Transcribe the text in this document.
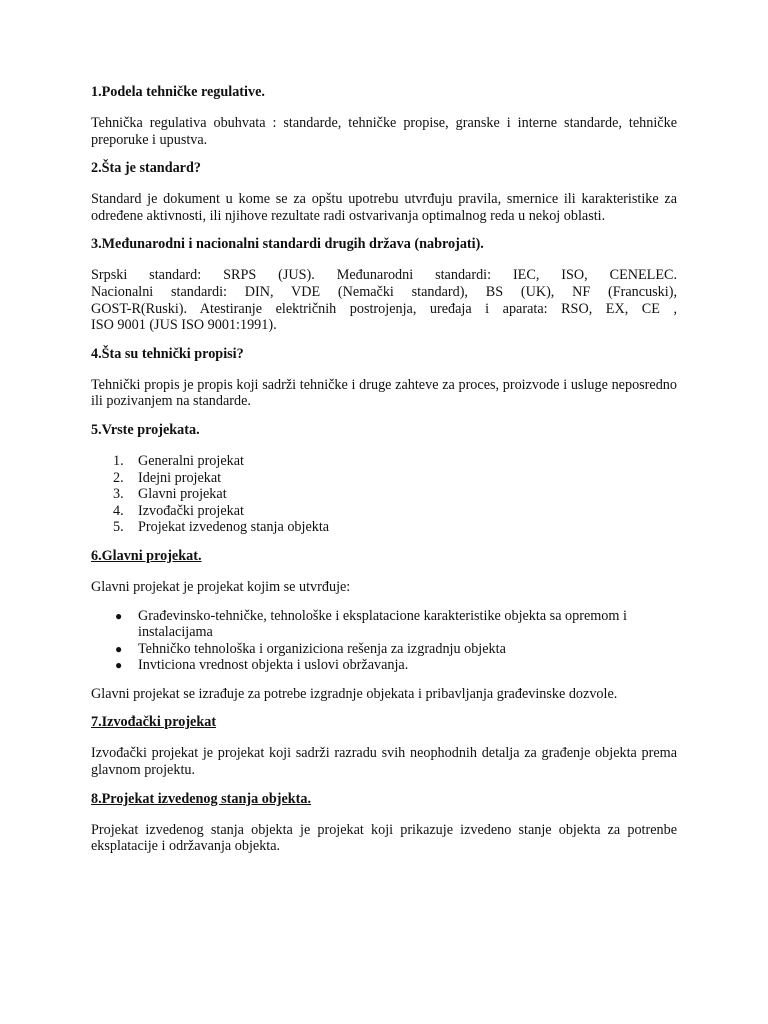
1.Podela tehničke regulative.
Tehnička regulativa obuhvata : standarde, tehničke propise, granske i interne standarde, tehničke preporuke i upustva.
2.Šta je standard?
Standard je dokument u kome se za opštu upotrebu utvrđuju pravila, smernice ili karakteristike za određene aktivnosti, ili njihove rezultate radi ostvarivanja optimalnog reda u nekoj oblasti.
3.Međunarodni i nacionalni standardi drugih država (nabrojati).
Srpski standard: SRPS (JUS). Međunarodni standardi: IEC, ISO, CENELEC.
Nacionalni standardi: DIN, VDE (Nemački standard), BS (UK), NF (Francuski),
GOST-R(Ruski). Atestiranje električnih postrojenja, uređaja i aparata: RSO, EX, CE ,
ISO 9001 (JUS ISO 9001:1991).
4.Šta su tehnički propisi?
Tehnički propis je propis koji sadrži tehničke i druge zahteve za proces, proizvode i usluge neposredno ili pozivanjem na standarde.
5.Vrste projekata.
1. Generalni projekat
2. Idejni projekat
3. Glavni projekat
4. Izvođački projekat
5. Projekat izvedenog stanja objekta
6.Glavni projekat.
Glavni projekat je projekat kojim se utvrđuje:
● Građevinsko-tehničke, tehnološke i eksplatacione karakteristike objekta sa opremom i instalacijama
● Tehničko tehnološka i organiziciona rešenja za izgradnju objekta
● Invticiona vrednost objekta i uslovi obržavanja.
Glavni projekat se izrađuje za potrebe izgradnje objekata i pribavljanja građevinske dozvole.
7.Izvođački projekat
Izvođački projekat je projekat koji sadrži razradu svih neophodnih detalja za građenje objekta prema glavnom projektu.
8.Projekat izvedenog stanja objekta.
Projekat izvedenog stanja objekta je projekat koji prikazuje izvedeno stanje objekta za potrenbe eksplatacije i održavanja objekta.
